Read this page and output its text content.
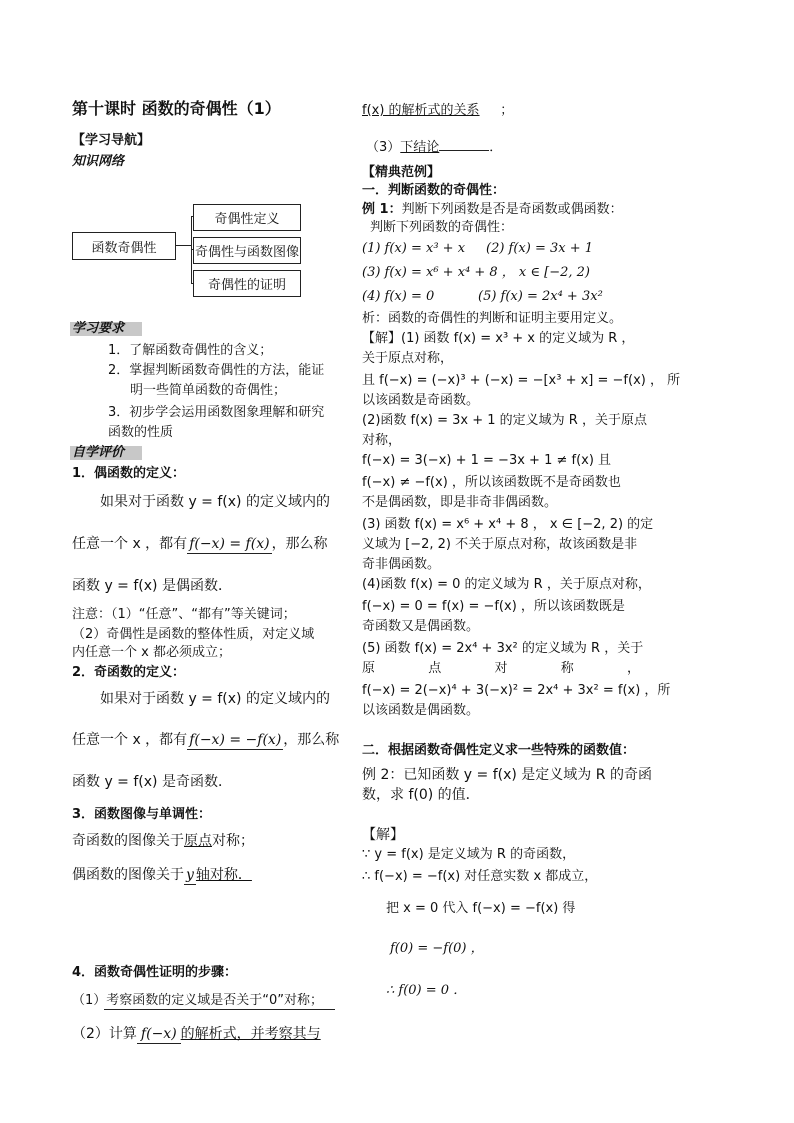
第十课时 函数的奇偶性（1）
【学习导航】
知识网络
函数奇偶性
奇偶性定义
奇偶性与函数图像
奇偶性的证明
学习要求
1．了解函数奇偶性的含义；
2．掌握判断函数奇偶性的方法，能证
明一些简单函数的奇偶性；
3．初步学会运用函数图象理解和研究
函数的性质
自学评价
1．偶函数的定义：
如果对于函数 y = f(x) 的定义域内的
任意一个 x ，都有 f(−x) = f(x) ，那么称
函数 y = f(x) 是偶函数．
注意：（1）“任意”、“都有”等关键词；
（2）奇偶性是函数的整体性质，对定义域
内任意一个 x 都必须成立；
2．奇函数的定义：
如果对于函数 y = f(x) 的定义域内的
任意一个 x ，都有 f(−x) = −f(x) ，那么称
函数 y = f(x) 是奇函数．
3．函数图像与单调性：
奇函数的图像关于原点对称；
偶函数的图像关于 y 轴对称．
4．函数奇偶性证明的步骤：
（1）考察函数的定义域是否关于“0”对称；
（2）计算 f(−x) 的解析式，并考察其与
f(x) 的解析式的关系 ；
（3）下结论	．
【精典范例】
一．判断函数的奇偶性：
例 1：判断下列函数是否是奇函数或偶函数：
判断下列函数的奇偶性：
(1) f(x) = x³ + x (2) f(x) = 3x + 1
(3) f(x) = x⁶ + x⁴ + 8 ， x ∈ [−2, 2)
(4) f(x) = 0	(5) f(x) = 2x⁴ + 3x²
析：函数的奇偶性的判断和证明主要用定义。
【解】(1) 函数 f(x) = x³ + x 的定义域为 R ，
关于原点对称，
且 f(−x) = (−x)³ + (−x) = −[x³ + x] = −f(x) ， 所
以该函数是奇函数。
(2)函数 f(x) = 3x + 1 的定义域为 R ，关于原点
对称，
f(−x) = 3(−x) + 1 = −3x + 1 ≠ f(x) 且
f(−x) ≠ −f(x) ，所以该函数既不是奇函数也
不是偶函数，即是非奇非偶函数。
(3) 函数 f(x) = x⁶ + x⁴ + 8 ， x ∈ [−2, 2) 的定
义域为 [−2, 2) 不关于原点对称，故该函数是非
奇非偶函数。
(4)函数 f(x) = 0 的定义域为 R ，关于原点对称，
f(−x) = 0 = f(x) = −f(x) ，所以该函数既是
奇函数又是偶函数。
(5) 函数 f(x) = 2x⁴ + 3x² 的定义域为 R ，关于
原	点	对	称	，
f(−x) = 2(−x)⁴ + 3(−x)² = 2x⁴ + 3x² = f(x) ，所
以该函数是偶函数。
二．根据函数奇偶性定义求一些特殊的函数值：
例 2：已知函数 y = f(x) 是定义域为 R 的奇函
数，求 f(0) 的值．
【解】
∵ y = f(x) 是定义域为 R 的奇函数，
∴ f(−x) = −f(x) 对任意实数 x 都成立，
把 x = 0 代入 f(−x) = −f(x) 得
f(0) = −f(0) ，
∴ f(0) = 0 ．
